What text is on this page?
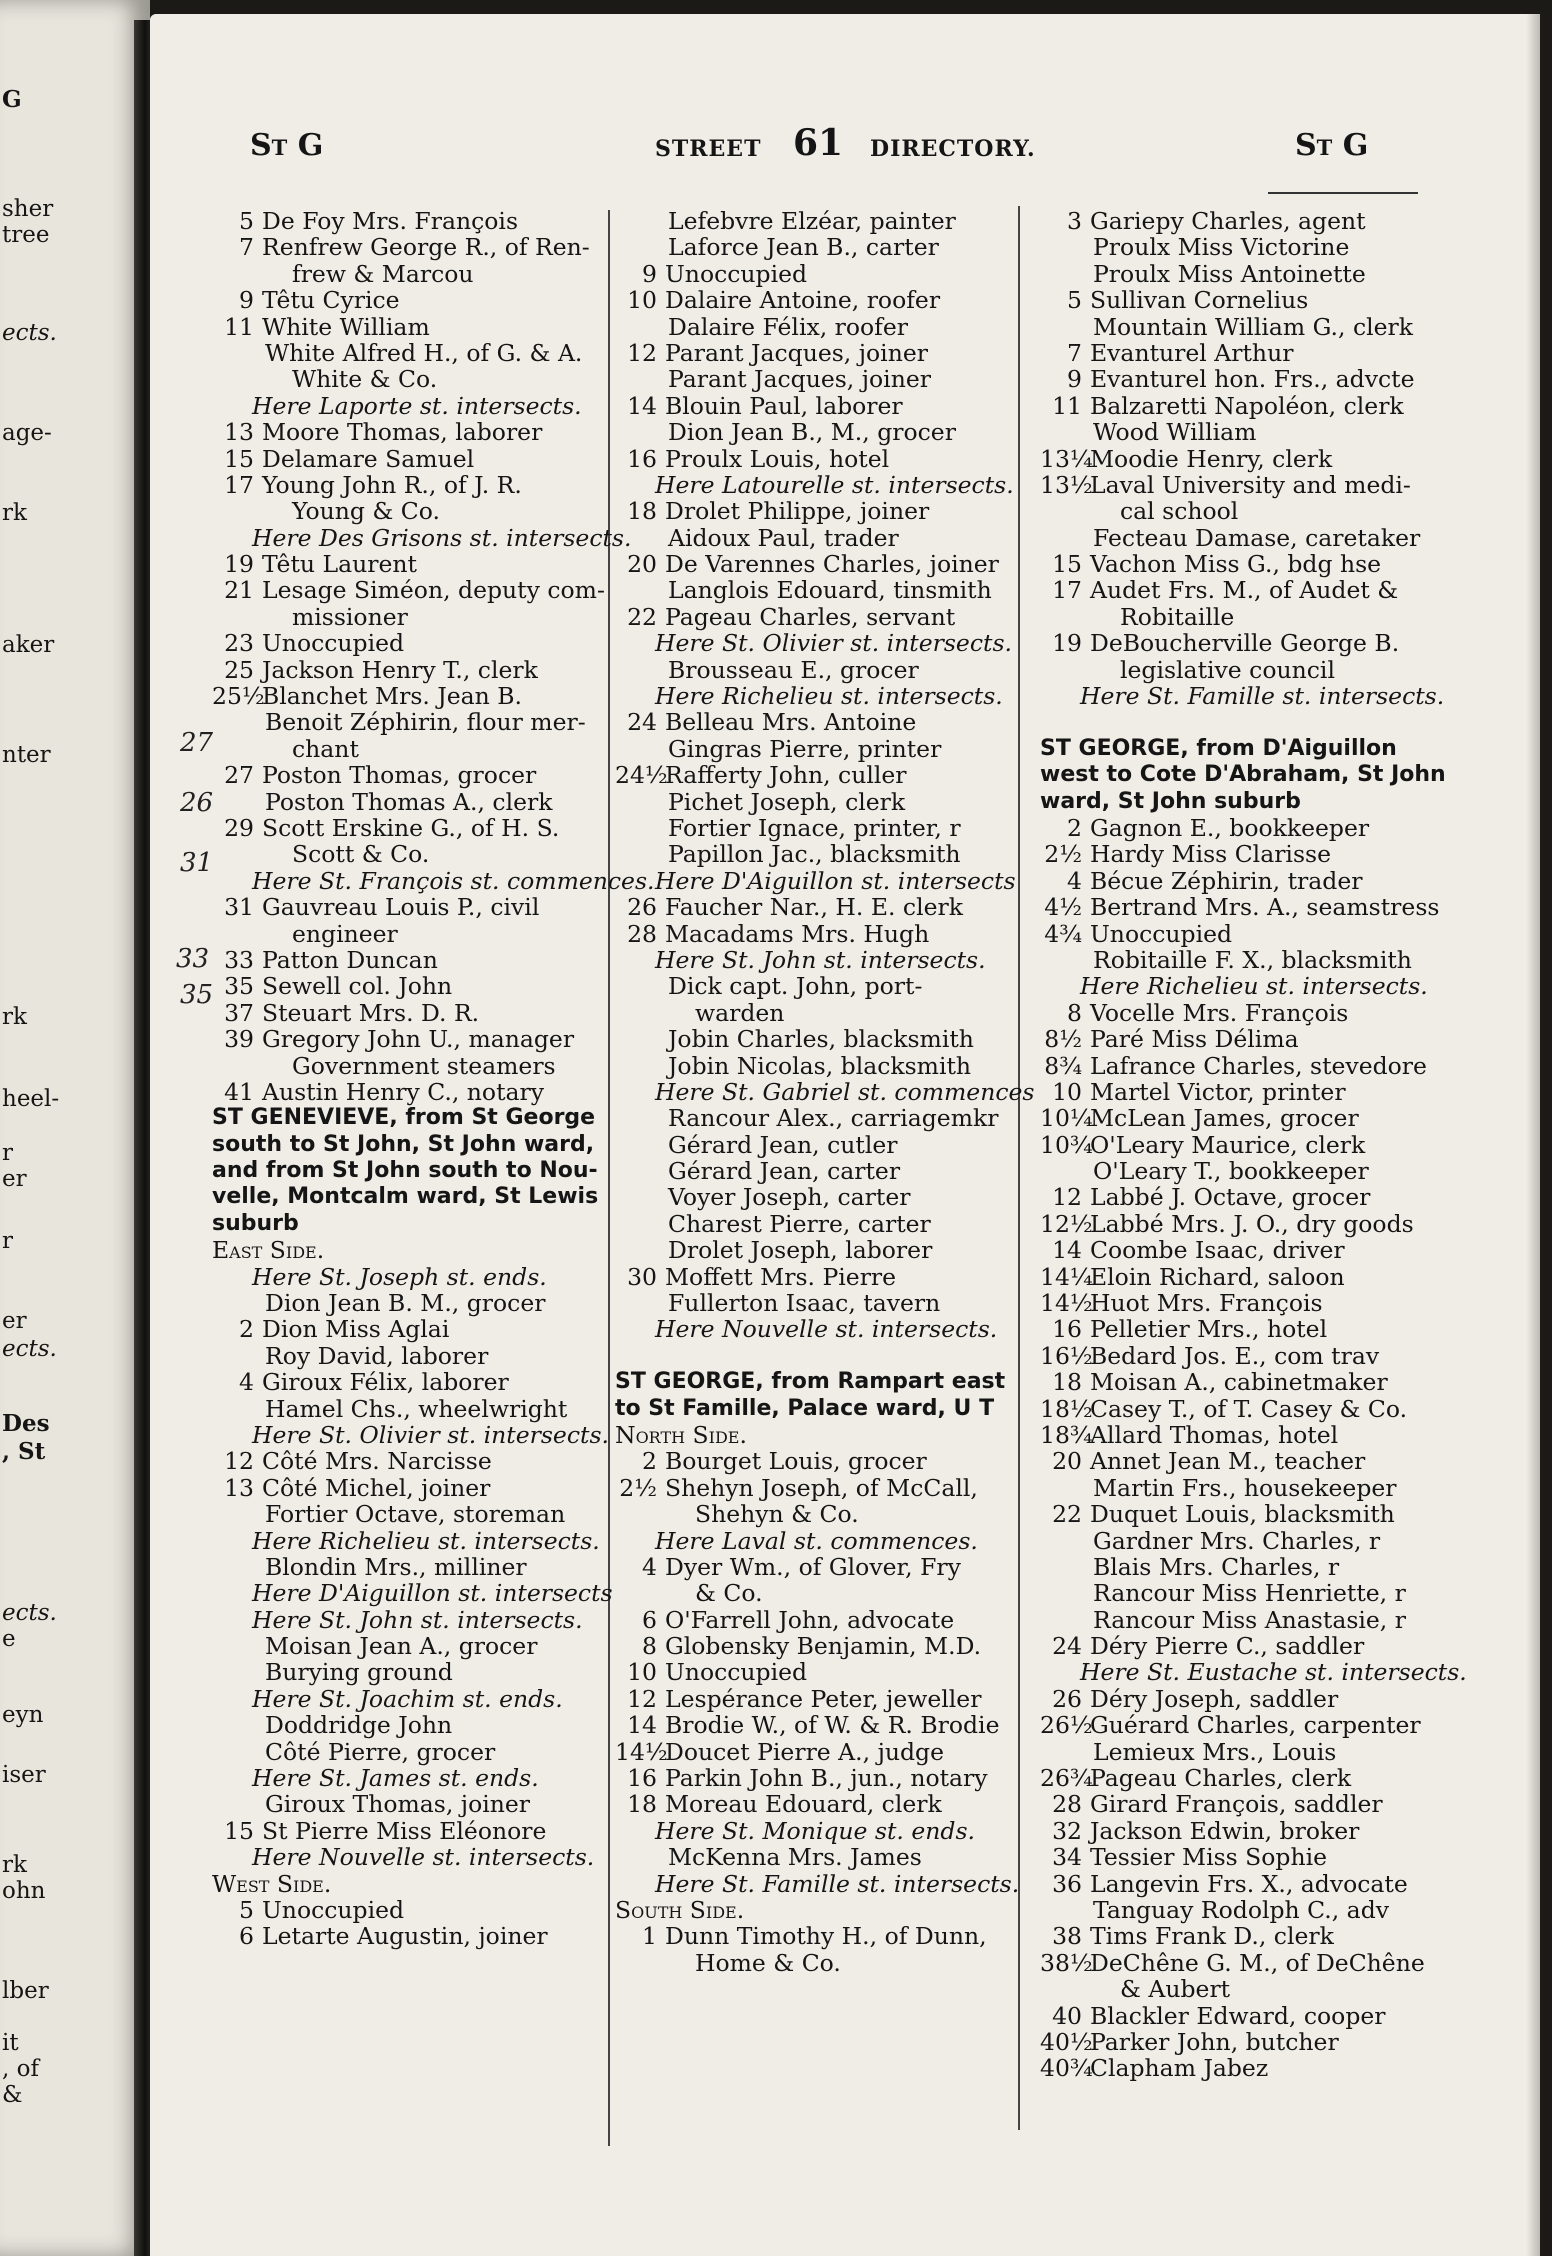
G
sher
tree
ects.
age-
rk
aker
nter
rk
heel-
r
er
r
er
ects.
Des
, St
ects.
e
eyn
iser
rk
ohn
lber
it
, of
&
St G	STREET 61 DIRECTORY.	St G
5 De Foy Mrs. François
7 Renfrew George R., of Ren-
frew & Marcou
9 Têtu Cyrice
11 White William
White Alfred H., of G. & A.
White & Co.
Here Laporte st. intersects.
13 Moore Thomas, laborer
15 Delamare Samuel
17 Young John R., of J. R.
Young & Co.
Here Des Grisons st. intersects.
19 Têtu Laurent
21 Lesage Siméon, deputy com-
missioner
23 Unoccupied
25 Jackson Henry T., clerk
25½Blanchet Mrs. Jean B.
Benoit Zéphirin, flour mer-
chant
27 Poston Thomas, grocer
Poston Thomas A., clerk
29 Scott Erskine G., of H. S.
Scott & Co.
Here St. François st. commences.
31 Gauvreau Louis P., civil
engineer
33 Patton Duncan
35 Sewell col. John
37 Steuart Mrs. D. R.
39 Gregory John U., manager
Government steamers
41 Austin Henry C., notary
ST GENEVIEVE, from St George
south to St John, St John ward,
and from St John south to Nou-
velle, Montcalm ward, St Lewis
suburb
East Side.
Here St. Joseph st. ends.
Dion Jean B. M., grocer
2 Dion Miss Aglai
Roy David, laborer
4 Giroux Félix, laborer
Hamel Chs., wheelwright
Here St. Olivier st. intersects.
12 Côté Mrs. Narcisse
13 Côté Michel, joiner
Fortier Octave, storeman
Here Richelieu st. intersects.
Blondin Mrs., milliner
Here D'Aiguillon st. intersects
Here St. John st. intersects.
Moisan Jean A., grocer
Burying ground
Here St. Joachim st. ends.
Doddridge John
Côté Pierre, grocer
Here St. James st. ends.
Giroux Thomas, joiner
15 St Pierre Miss Eléonore
Here Nouvelle st. intersects.
West Side.
5 Unoccupied
6 Letarte Augustin, joiner
Lefebvre Elzéar, painter
Laforce Jean B., carter
9 Unoccupied
10 Dalaire Antoine, roofer
Dalaire Félix, roofer
12 Parant Jacques, joiner
Parant Jacques, joiner
14 Blouin Paul, laborer
Dion Jean B., M., grocer
16 Proulx Louis, hotel
Here Latourelle st. intersects.
18 Drolet Philippe, joiner
Aidoux Paul, trader
20 De Varennes Charles, joiner
Langlois Edouard, tinsmith
22 Pageau Charles, servant
Here St. Olivier st. intersects.
Brousseau E., grocer
Here Richelieu st. intersects.
24 Belleau Mrs. Antoine
Gingras Pierre, printer
24½Rafferty John, culler
Pichet Joseph, clerk
Fortier Ignace, printer, r
Papillon Jac., blacksmith
Here D'Aiguillon st. intersects
26 Faucher Nar., H. E. clerk
28 Macadams Mrs. Hugh
Here St. John st. intersects.
Dick capt. John, port-
warden
Jobin Charles, blacksmith
Jobin Nicolas, blacksmith
Here St. Gabriel st. commences
Rancour Alex., carriagemkr
Gérard Jean, cutler
Gérard Jean, carter
Voyer Joseph, carter
Charest Pierre, carter
Drolet Joseph, laborer
30 Moffett Mrs. Pierre
Fullerton Isaac, tavern
Here Nouvelle st. intersects.
ST GEORGE, from Rampart east
to St Famille, Palace ward, U T
North Side.
2 Bourget Louis, grocer
2½ Shehyn Joseph, of McCall,
Shehyn & Co.
Here Laval st. commences.
4 Dyer Wm., of Glover, Fry
& Co.
6 O'Farrell John, advocate
8 Globensky Benjamin, M.D.
10 Unoccupied
12 Lespérance Peter, jeweller
14 Brodie W., of W. & R. Brodie
14½Doucet Pierre A., judge
16 Parkin John B., jun., notary
18 Moreau Edouard, clerk
Here St. Monique st. ends.
McKenna Mrs. James
Here St. Famille st. intersects.
South Side.
1 Dunn Timothy H., of Dunn,
Home & Co.
3 Gariepy Charles, agent
Proulx Miss Victorine
Proulx Miss Antoinette
5 Sullivan Cornelius
Mountain William G., clerk
7 Evanturel Arthur
9 Evanturel hon. Frs., advcte
11 Balzaretti Napoléon, clerk
Wood William
13¼Moodie Henry, clerk
13½Laval University and medi-
cal school
Fecteau Damase, caretaker
15 Vachon Miss G., bdg hse
17 Audet Frs. M., of Audet &
Robitaille
19 DeBoucherville George B.
legislative council
Here St. Famille st. intersects.
ST GEORGE, from D'Aiguillon
west to Cote D'Abraham, St John
ward, St John suburb
2 Gagnon E., bookkeeper
2½ Hardy Miss Clarisse
4 Bécue Zéphirin, trader
4½ Bertrand Mrs. A., seamstress
4¾ Unoccupied
Robitaille F. X., blacksmith
Here Richelieu st. intersects.
8 Vocelle Mrs. François
8½ Paré Miss Délima
8¾ Lafrance Charles, stevedore
10 Martel Victor, printer
10¼McLean James, grocer
10¾O'Leary Maurice, clerk
O'Leary T., bookkeeper
12 Labbé J. Octave, grocer
12½Labbé Mrs. J. O., dry goods
14 Coombe Isaac, driver
14¼Eloin Richard, saloon
14½Huot Mrs. François
16 Pelletier Mrs., hotel
16½Bedard Jos. E., com trav
18 Moisan A., cabinetmaker
18½Casey T., of T. Casey & Co.
18¾Allard Thomas, hotel
20 Annet Jean M., teacher
Martin Frs., housekeeper
22 Duquet Louis, blacksmith
Gardner Mrs. Charles, r
Blais Mrs. Charles, r
Rancour Miss Henriette, r
Rancour Miss Anastasie, r
24 Déry Pierre C., saddler
Here St. Eustache st. intersects.
26 Déry Joseph, saddler
26½Guérard Charles, carpenter
Lemieux Mrs., Louis
26¾Pageau Charles, clerk
28 Girard François, saddler
32 Jackson Edwin, broker
34 Tessier Miss Sophie
36 Langevin Frs. X., advocate
Tanguay Rodolph C., adv
38 Tims Frank D., clerk
38½DeChêne G. M., of DeChêne
& Aubert
40 Blackler Edward, cooper
40½Parker John, butcher
40¾Clapham Jabez
27
26
31
33
35
